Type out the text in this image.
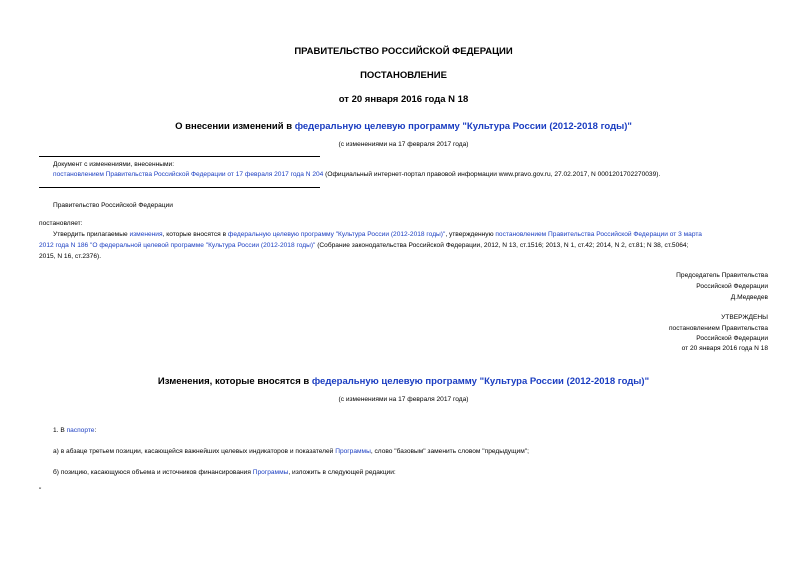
ПРАВИТЕЛЬСТВО РОССИЙСКОЙ ФЕДЕРАЦИИ
ПОСТАНОВЛЕНИЕ
от 20 января 2016 года N 18
О внесении изменений в федеральную целевую программу "Культура России (2012-2018 годы)"
(с изменениями на 17 февраля 2017 года)
Документ с изменениями, внесенными:
постановлением Правительства Российской Федерации от 17 февраля 2017 года N 204 (Официальный интернет-портал правовой информации www.pravo.gov.ru, 27.02.2017, N 0001201702270039).
Правительство Российской Федерации
постановляет:
Утвердить прилагаемые изменения, которые вносятся в федеральную целевую программу "Культура России (2012-2018 годы)", утвержденную постановлением Правительства Российской Федерации от 3 марта
2012 года N 186 "О федеральной целевой программе "Культура России (2012-2018 годы)" (Собрание законодательства Российской Федерации, 2012, N 13, ст.1516; 2013, N 1, ст.42; 2014, N 2, ст.81; N 38, ст.5064;
2015, N 16, ст.2376).
Председатель Правительства
Российской Федерации
Д.Медведев
УТВЕРЖДЕНЫ
постановлением Правительства
Российской Федерации
от 20 января 2016 года N 18
Изменения, которые вносятся в федеральную целевую программу "Культура России (2012-2018 годы)"
(с изменениями на 17 февраля 2017 года)
1. В паспорте:
а) в абзаце третьем позиции, касающейся важнейших целевых индикаторов и показателей Программы, слово "базовым" заменить словом "предыдущим";
б) позицию, касающуюся объема и источников финансирования Программы, изложить в следующей редакции:
"
